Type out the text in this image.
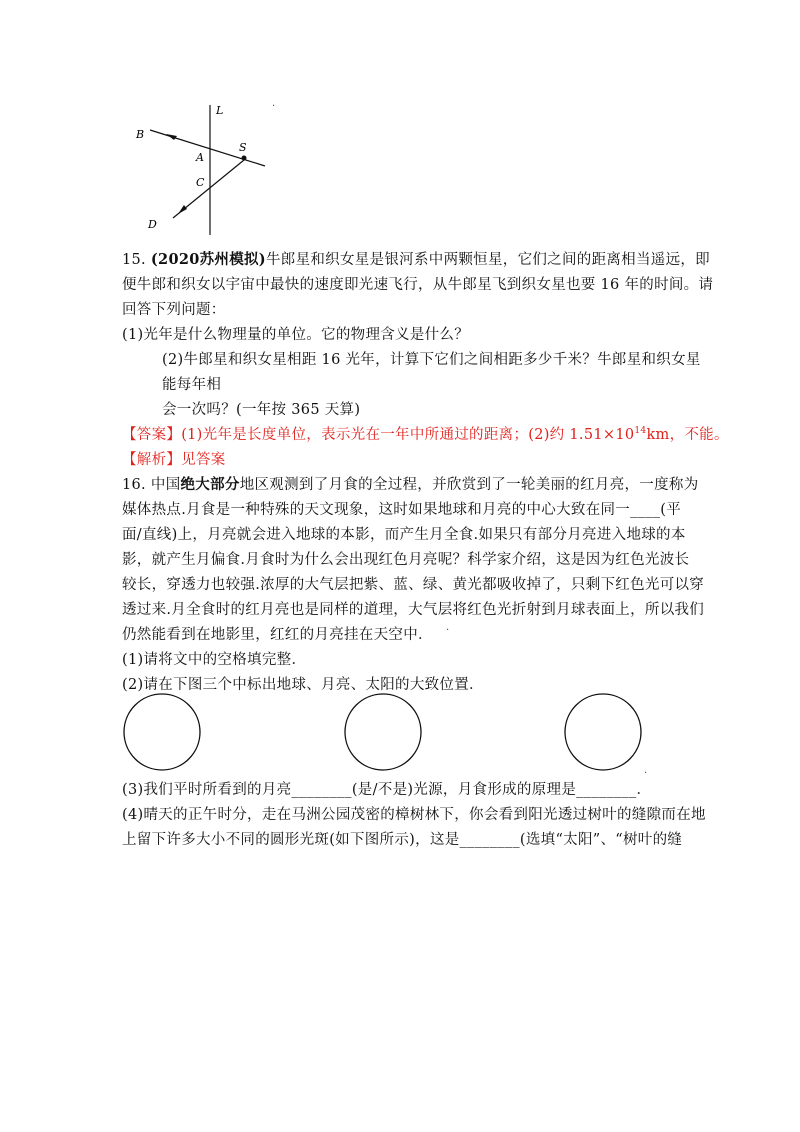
L
B
S
A
C
D
.
15. (2020苏州模拟)牛郎星和织女星是银河系中两颗恒星，它们之间的距离相当遥远，即
便牛郎和织女以宇宙中最快的速度即光速飞行，从牛郎星飞到织女星也要 16 年的时间。请
回答下列问题：
(1)光年是什么物理量的单位。它的物理含义是什么？
(2)牛郎星和织女星相距 16 光年，计算下它们之间相距多少千米？牛郎星和织女星
能每年相
会一次吗？(一年按 365 天算)
【答案】(1)光年是长度单位，表示光在一年中所通过的距离；(2)约 $1.51\times 10^{14}km$，不能。
【解析】见答案
16. 中国绝大部分地区观测到了月食的全过程，并欣赏到了一轮美丽的红月亮，一度称为
媒体热点.月食是一种特殊的天文现象，这时如果地球和月亮的中心大致在同一____(平
面/直线)上，月亮就会进入地球的本影，而产生月全食.如果只有部分月亮进入地球的本
影，就产生月偏食.月食时为什么会出现红色月亮呢？科学家介绍，这是因为红色光波长
较长，穿透力也较强.浓厚的大气层把紫、蓝、绿、黄光都吸收掉了，只剩下红色光可以穿
透过来.月全食时的红月亮也是同样的道理，大气层将红色光折射到月球表面上，所以我们
仍然能看到在地影里，红红的月亮挂在天空中．	.
(1)请将文中的空格填完整．
(2)请在下图三个中标出地球、月亮、太阳的大致位置．
(3)我们平时所看到的月亮________(是/不是)光源，月食形成的原理是________．
.
(4)晴天的正午时分，走在马洲公园茂密的樟树林下，你会看到阳光透过树叶的缝隙而在地
上留下许多大小不同的圆形光斑(如下图所示)，这是________(选填“太阳”、“树叶的缝
